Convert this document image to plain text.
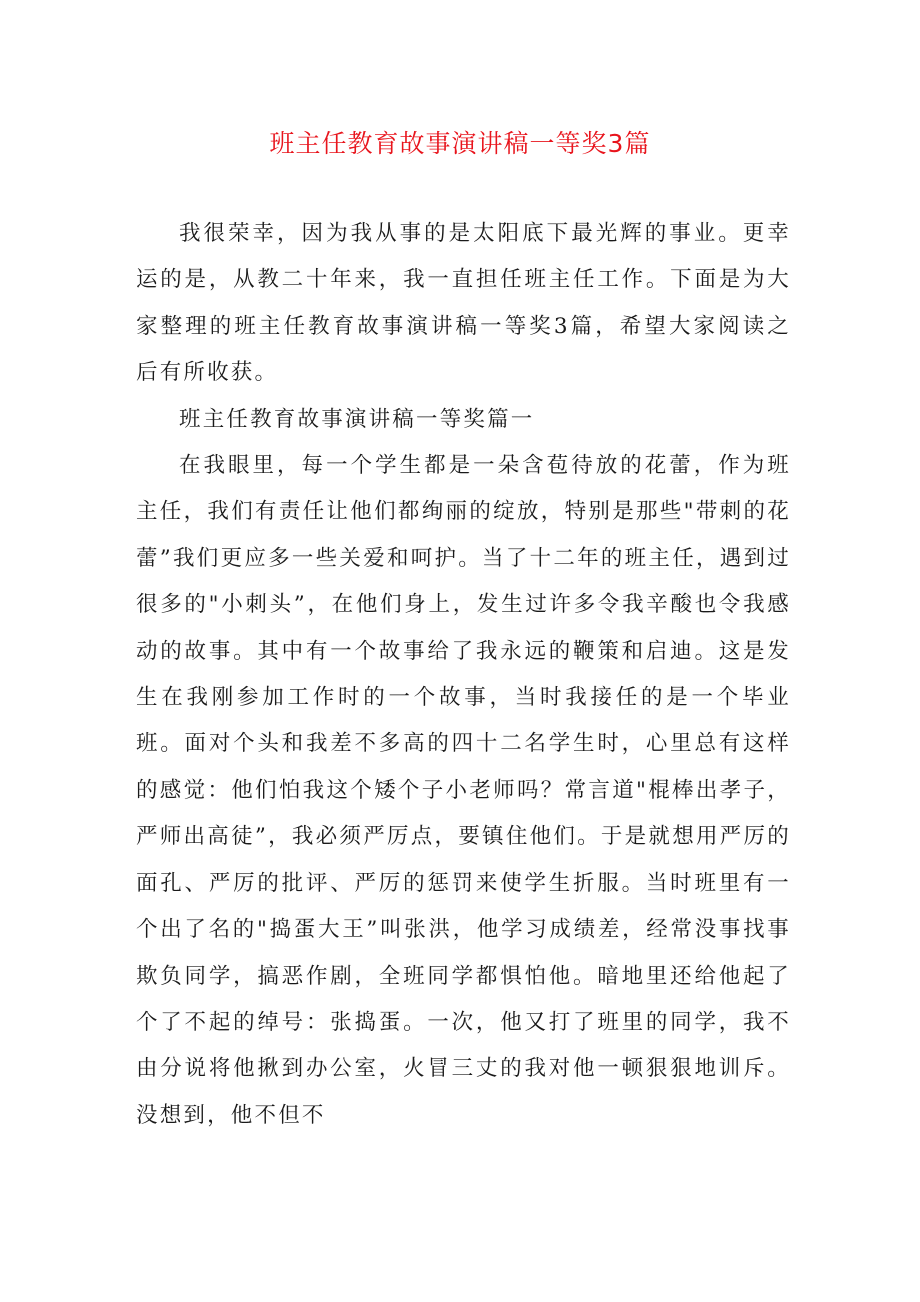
班主任教育故事演讲稿一等奖3篇

我很荣幸，因为我从事的是太阳底下最光辉的事业。更幸运的是，从教二十年来，我一直担任班主任工作。下面是为大家整理的班主任教育故事演讲稿一等奖3篇，希望大家阅读之后有所收获。

班主任教育故事演讲稿一等奖篇一

在我眼里，每一个学生都是一朵含苞待放的花蕾，作为班主任，我们有责任让他们都绚丽的绽放，特别是那些"带刺的花蕾”我们更应多一些关爱和呵护。当了十二年的班主任，遇到过很多的"小刺头”，在他们身上，发生过许多令我辛酸也令我感动的故事。其中有一个故事给了我永远的鞭策和启迪。这是发生在我刚参加工作时的一个故事，当时我接任的是一个毕业班。面对个头和我差不多高的四十二名学生时，心里总有这样的感觉：他们怕我这个矮个子小老师吗？常言道"棍棒出孝子，严师出高徒”，我必须严厉点，要镇住他们。于是就想用严厉的面孔、严厉的批评、严厉的惩罚来使学生折服。当时班里有一个出了名的"捣蛋大王”叫张洪，他学习成绩差，经常没事找事欺负同学，搞恶作剧，全班同学都惧怕他。暗地里还给他起了个了不起的绰号：张捣蛋。一次，他又打了班里的同学，我不由分说将他揪到办公室，火冒三丈的我对他一顿狠狠地训斥。没想到，他不但不
